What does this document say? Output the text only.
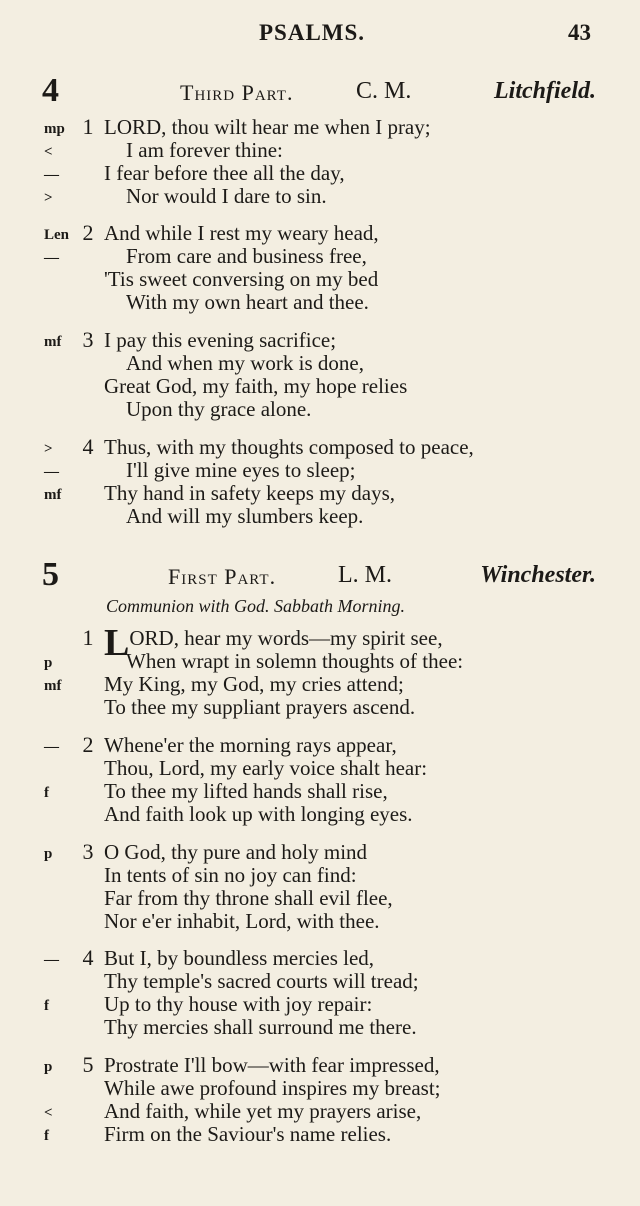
PSALMS.	43
4	Third Part.	C. M.	Litchfield.
mp 1 LORD, thou wilt hear me when I pray;
<	I am forever thine:
— I fear before thee all the day,
>	Nor would I dare to sin.
Len 2 And while I rest my weary head,
—	From care and business free,
'Tis sweet conversing on my bed
With my own heart and thee.
mf 3 I pay this evening sacrifice;
And when my work is done,
Great God, my faith, my hope relies
Upon thy grace alone.
> 4 Thus, with my thoughts composed to peace,
—	I'll give mine eyes to sleep;
mf Thy hand in safety keeps my days,
And will my slumbers keep.
5	First Part.	L. M.	Winchester.
Communion with God. Sabbath Morning.
1 LORD, hear my words—my spirit see,
p	When wrapt in solemn thoughts of thee:
mf My King, my God, my cries attend;
To thee my suppliant prayers ascend.
— 2 Whene'er the morning rays appear,
Thou, Lord, my early voice shalt hear:
f	To thee my lifted hands shall rise,
And faith look up with longing eyes.
p 3 O God, thy pure and holy mind
In tents of sin no joy can find:
Far from thy throne shall evil flee,
Nor e'er inhabit, Lord, with thee.
— 4 But I, by boundless mercies led,
Thy temple's sacred courts will tread;
f	Up to thy house with joy repair:
Thy mercies shall surround me there.
p 5 Prostrate I'll bow—with fear impressed,
While awe profound inspires my breast;
< And faith, while yet my prayers arise,
f	Firm on the Saviour's name relies.
